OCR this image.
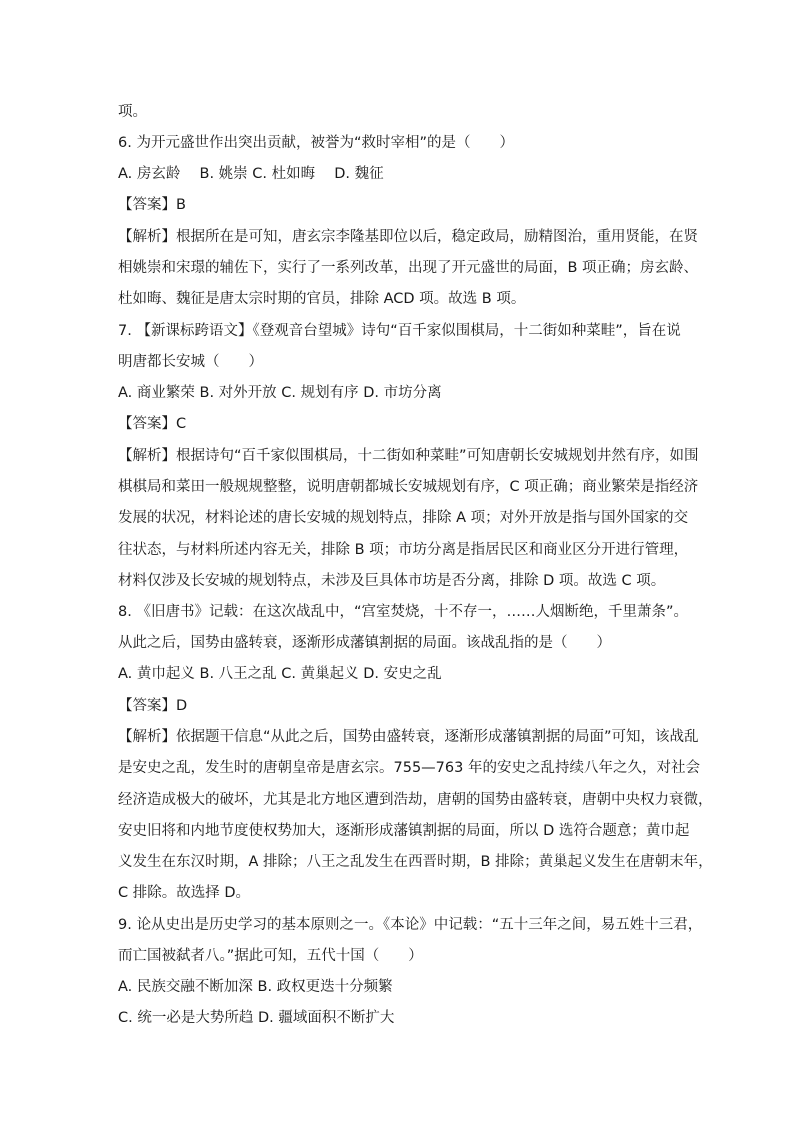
项。
6. 为开元盛世作出突出贡献，被誉为“救时宰相”的是（　　）
A. 房玄龄　 B. 姚崇 C. 杜如晦　 D. 魏征
【答案】B
【解析】根据所在是可知，唐玄宗李隆基即位以后，稳定政局，励精图治，重用贤能，在贤
相姚崇和宋璟的辅佐下，实行了一系列改革，出现了开元盛世的局面，B 项正确；房玄龄、
杜如晦、魏征是唐太宗时期的官员，排除 ACD 项。故选 B 项。
7. 【新课标跨语文】《登观音台望城》诗句“百千家似围棋局，十二街如种菜畦”，旨在说
明唐都长安城（　　）
A. 商业繁荣 B. 对外开放 C. 规划有序 D. 市坊分离
【答案】C
【解析】根据诗句“百千家似围棋局，十二街如种菜畦”可知唐朝长安城规划井然有序，如围
棋棋局和菜田一般规规整整，说明唐朝都城长安城规划有序，C 项正确；商业繁荣是指经济
发展的状况，材料论述的唐长安城的规划特点，排除 A 项；对外开放是指与国外国家的交
往状态，与材料所述内容无关，排除 B 项；市坊分离是指居民区和商业区分开进行管理，
材料仅涉及长安城的规划特点，未涉及巨具体市坊是否分离，排除 D 项。故选 C 项。
8. 《旧唐书》记载：在这次战乱中，“宫室焚烧，十不存一，……人烟断绝，千里萧条”。
从此之后，国势由盛转衰，逐渐形成藩镇割据的局面。该战乱指的是（　　）
A. 黄巾起义 B. 八王之乱 C. 黄巢起义 D. 安史之乱
【答案】D
【解析】依据题干信息“从此之后，国势由盛转衰，逐渐形成藩镇割据的局面”可知，该战乱
是安史之乱，发生时的唐朝皇帝是唐玄宗。755—763 年的安史之乱持续八年之久，对社会
经济造成极大的破坏，尤其是北方地区遭到浩劫，唐朝的国势由盛转衰，唐朝中央权力衰微，
安史旧将和内地节度使权势加大，逐渐形成藩镇割据的局面，所以 D 选符合题意；黄巾起
义发生在东汉时期，A 排除；八王之乱发生在西晋时期，B 排除；黄巢起义发生在唐朝末年，
C 排除。故选择 D。
9. 论从史出是历史学习的基本原则之一。《本论》中记载：“五十三年之间，易五姓十三君，
而亡国被弑者八。”据此可知，五代十国（　　）
A. 民族交融不断加深 B. 政权更迭十分频繁
C. 统一必是大势所趋 D. 疆域面积不断扩大
